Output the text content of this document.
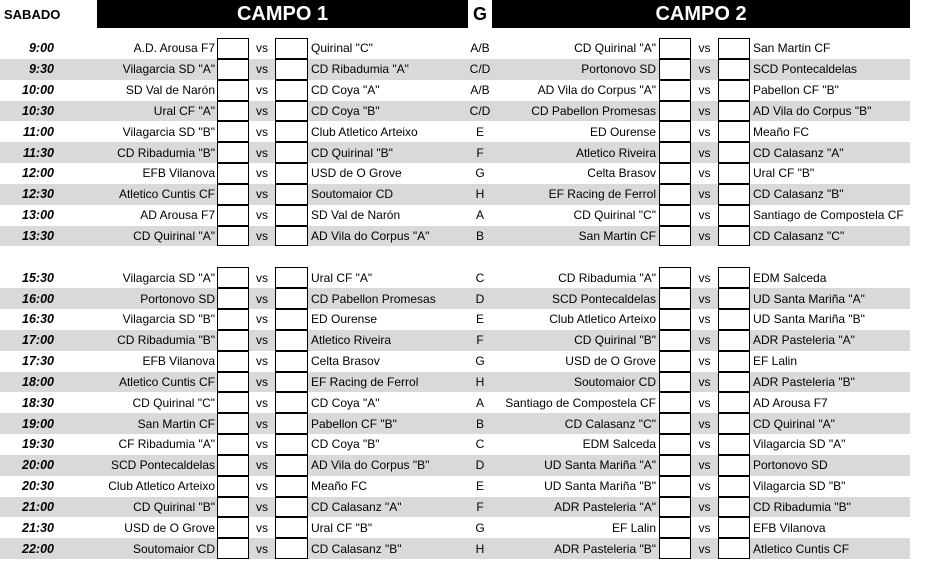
SABADO	CAMPO 1	G	CAMPO 2
9:00	A.D. Arousa F7	vs	Quirinal "C"	A/B	CD Quirinal "A"	vs	San Martin CF
9:30	Vilagarcia SD "A"	vs	CD Ribadumia "A"	C/D	Portonovo SD	vs	SCD Pontecaldelas
10:00	SD Val de Narón	vs	CD Coya "A"	A/B	AD Vila do Corpus "A"	vs	Pabellon CF "B"
10:30	Ural CF "A"	vs	CD Coya "B"	C/D	CD Pabellon Promesas	vs	AD Vila do Corpus "B"
11:00	Vilagarcia SD "B"	vs	Club Atletico Arteixo	E	ED Ourense	vs	Meaño FC
11:30	CD Ribadumia "B"	vs	CD Quirinal "B"	F	Atletico Riveira	vs	CD Calasanz "A"
12:00	EFB Vilanova	vs	USD de O Grove	G	Celta Brasov	vs	Ural CF "B"
12:30	Atletico Cuntis CF	vs	Soutomaior CD	H	EF Racing de Ferrol	vs	CD Calasanz "B"
13:00	AD Arousa F7	vs	SD Val de Narón	A	CD Quirinal "C"	vs	Santiago de Compostela CF
13:30	CD Quirinal "A"	vs	AD Vila do Corpus "A"	B	San Martin CF	vs	CD Calasanz "C"
15:30	Vilagarcia SD "A"	vs	Ural CF "A"	C	CD Ribadumia "A"	vs	EDM Salceda
16:00	Portonovo SD	vs	CD Pabellon Promesas	D	SCD Pontecaldelas	vs	UD Santa Mariña "A"
16:30	Vilagarcia SD "B"	vs	ED Ourense	E	Club Atletico Arteixo	vs	UD Santa Mariña "B"
17:00	CD Ribadumia "B"	vs	Atletico Riveira	F	CD Quirinal "B"	vs	ADR Pasteleria "A"
17:30	EFB Vilanova	vs	Celta Brasov	G	USD de O Grove	vs	EF Lalin
18:00	Atletico Cuntis CF	vs	EF Racing de Ferrol	H	Soutomaior CD	vs	ADR Pasteleria "B"
18:30	CD Quirinal "C"	vs	CD Coya "A"	A	Santiago de Compostela CF	vs	AD Arousa F7
19:00	San Martin CF	vs	Pabellon CF "B"	B	CD Calasanz "C"	vs	CD Quirinal "A"
19:30	CF Ribadumia "A"	vs	CD Coya "B"	C	EDM Salceda	vs	Vilagarcia SD "A"
20:00	SCD Pontecaldelas	vs	AD Vila do Corpus "B"	D	UD Santa Mariña "A"	vs	Portonovo SD
20:30	Club Atletico Arteixo	vs	Meaño FC	E	UD Santa Mariña "B"	vs	Vilagarcia SD "B"
21:00	CD Quirinal "B"	vs	CD Calasanz "A"	F	ADR Pasteleria "A"	vs	CD Ribadumia "B"
21:30	USD de O Grove	vs	Ural CF "B"	G	EF Lalin	vs	EFB Vilanova
22:00	Soutomaior CD	vs	CD Calasanz "B"	H	ADR Pasteleria "B"	vs	Atletico Cuntis CF
